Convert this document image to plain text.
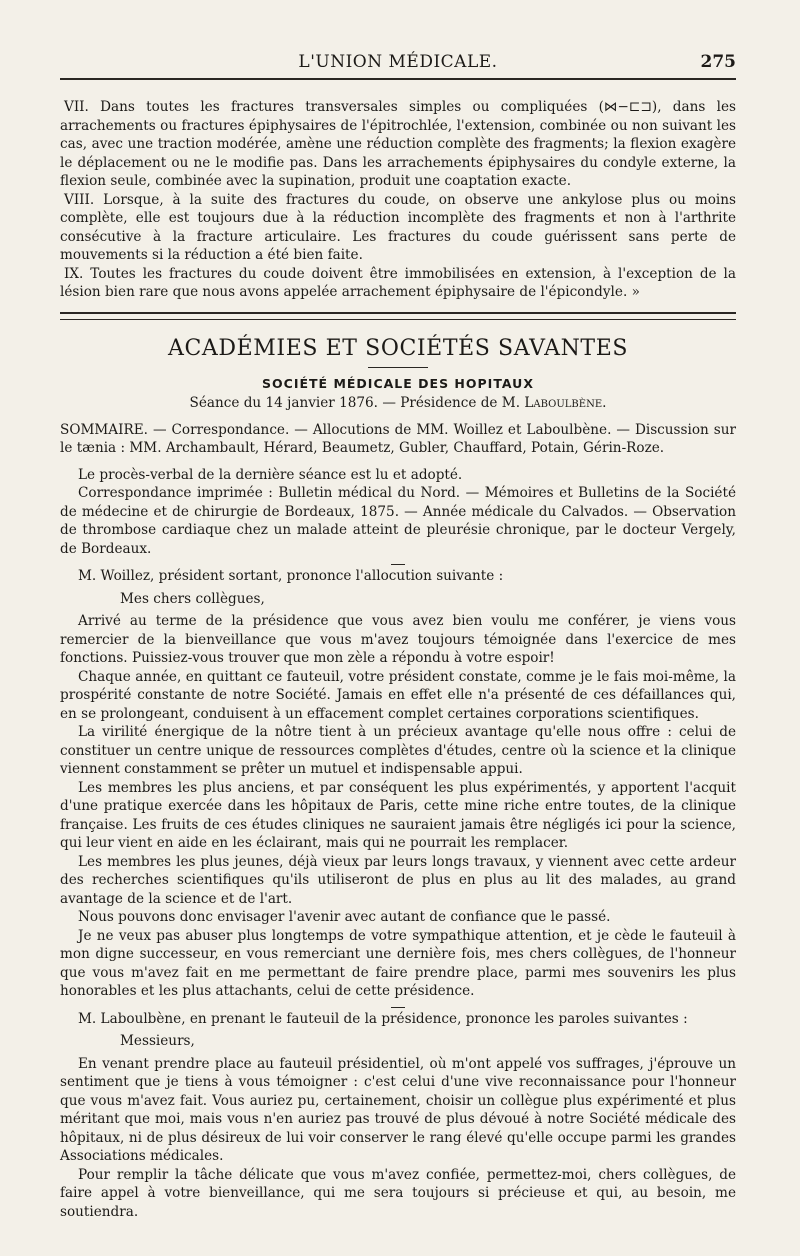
L'UNION MÉDICALE.	275

VII. Dans toutes les fractures transversales simples ou compliquées (⋈−⊏⊐), dans les arrachements ou fractures épiphysaires de l'épitrochlée, l'extension, combinée ou non suivant les cas, avec une traction modérée, amène une réduction complète des fragments; la flexion exagère le déplacement ou ne le modifie pas. Dans les arrachements épiphysaires du condyle externe, la flexion seule, combinée avec la supination, produit une coaptation exacte.

VIII. Lorsque, à la suite des fractures du coude, on observe une ankylose plus ou moins complète, elle est toujours due à la réduction incomplète des fragments et non à l'arthrite consécutive à la fracture articulaire. Les fractures du coude guérissent sans perte de mouvements si la réduction a été bien faite.

IX. Toutes les fractures du coude doivent être immobilisées en extension, à l'exception de la lésion bien rare que nous avons appelée arrachement épiphysaire de l'épicondyle. »

ACADÉMIES ET SOCIÉTÉS SAVANTES
SOCIÉTÉ MÉDICALE DES HOPITAUX
Séance du 14 janvier 1876. — Présidence de M. Laboulbène.

SOMMAIRE. — Correspondance. — Allocutions de MM. Woillez et Laboulbène. — Discussion sur le tænia : MM. Archambault, Hérard, Beaumetz, Gubler, Chauffard, Potain, Gérin-Roze.

Le procès-verbal de la dernière séance est lu et adopté.

Correspondance imprimée : Bulletin médical du Nord. — Mémoires et Bulletins de la Société de médecine et de chirurgie de Bordeaux, 1875. — Année médicale du Calvados. — Observation de thrombose cardiaque chez un malade atteint de pleurésie chronique, par le docteur Vergely, de Bordeaux.

M. Woillez, président sortant, prononce l'allocution suivante :

Mes chers collègues,

Arrivé au terme de la présidence que vous avez bien voulu me conférer, je viens vous remercier de la bienveillance que vous m'avez toujours témoignée dans l'exercice de mes fonctions. Puissiez-vous trouver que mon zèle a répondu à votre espoir!

Chaque année, en quittant ce fauteuil, votre président constate, comme je le fais moi-même, la prospérité constante de notre Société. Jamais en effet elle n'a présenté de ces défaillances qui, en se prolongeant, conduisent à un effacement complet certaines corporations scientifiques.

La virilité énergique de la nôtre tient à un précieux avantage qu'elle nous offre : celui de constituer un centre unique de ressources complètes d'études, centre où la science et la clinique viennent constamment se prêter un mutuel et indispensable appui.

Les membres les plus anciens, et par conséquent les plus expérimentés, y apportent l'acquit d'une pratique exercée dans les hôpitaux de Paris, cette mine riche entre toutes, de la clinique française. Les fruits de ces études cliniques ne sauraient jamais être négligés ici pour la science, qui leur vient en aide en les éclairant, mais qui ne pourrait les remplacer.

Les membres les plus jeunes, déjà vieux par leurs longs travaux, y viennent avec cette ardeur des recherches scientifiques qu'ils utiliseront de plus en plus au lit des malades, au grand avantage de la science et de l'art.

Nous pouvons donc envisager l'avenir avec autant de confiance que le passé.

Je ne veux pas abuser plus longtemps de votre sympathique attention, et je cède le fauteuil à mon digne successeur, en vous remerciant une dernière fois, mes chers collègues, de l'honneur que vous m'avez fait en me permettant de faire prendre place, parmi mes souvenirs les plus honorables et les plus attachants, celui de cette présidence.

M. Laboulbène, en prenant le fauteuil de la présidence, prononce les paroles suivantes :

Messieurs,

En venant prendre place au fauteuil présidentiel, où m'ont appelé vos suffrages, j'éprouve un sentiment que je tiens à vous témoigner : c'est celui d'une vive reconnaissance pour l'honneur que vous m'avez fait. Vous auriez pu, certainement, choisir un collègue plus expérimenté et plus méritant que moi, mais vous n'en auriez pas trouvé de plus dévoué à notre Société médicale des hôpitaux, ni de plus désireux de lui voir conserver le rang élevé qu'elle occupe parmi les grandes Associations médicales.

Pour remplir la tâche délicate que vous m'avez confiée, permettez-moi, chers collègues, de faire appel à votre bienveillance, qui me sera toujours si précieuse et qui, au besoin, me soutiendra.
